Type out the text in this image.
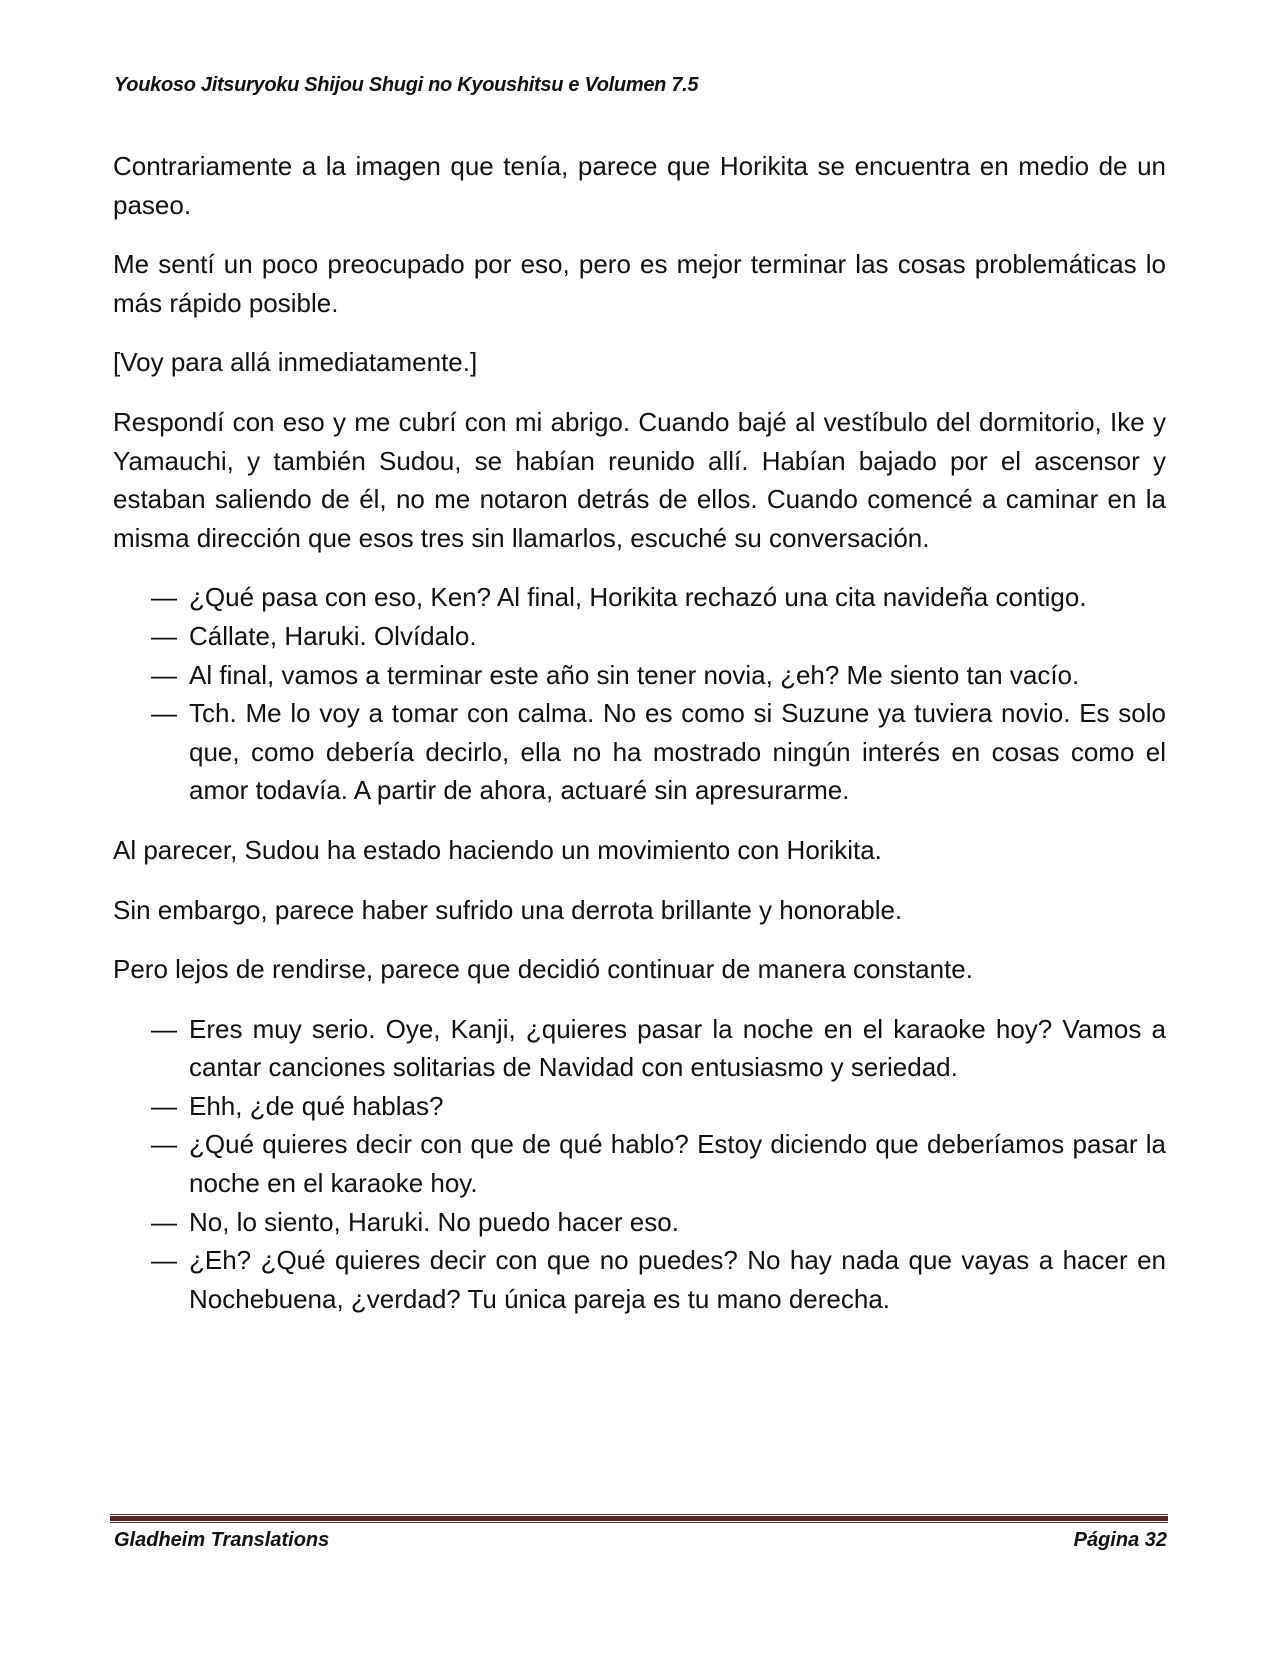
Youkoso Jitsuryoku Shijou Shugi no Kyoushitsu e Volumen 7.5

Contrariamente a la imagen que tenía, parece que Horikita se encuentra en medio de un paseo.

Me sentí un poco preocupado por eso, pero es mejor terminar las cosas problemáticas lo más rápido posible.

[Voy para allá inmediatamente.]

Respondí con eso y me cubrí con mi abrigo. Cuando bajé al vestíbulo del dormitorio, Ike y Yamauchi, y también Sudou, se habían reunido allí. Habían bajado por el ascensor y estaban saliendo de él, no me notaron detrás de ellos. Cuando comencé a caminar en la misma dirección que esos tres sin llamarlos, escuché su conversación.

— ¿Qué pasa con eso, Ken? Al final, Horikita rechazó una cita navideña contigo.
— Cállate, Haruki. Olvídalo.
— Al final, vamos a terminar este año sin tener novia, ¿eh? Me siento tan vacío.
— Tch. Me lo voy a tomar con calma. No es como si Suzune ya tuviera novio. Es solo que, como debería decirlo, ella no ha mostrado ningún interés en cosas como el amor todavía. A partir de ahora, actuaré sin apresurarme.

Al parecer, Sudou ha estado haciendo un movimiento con Horikita.

Sin embargo, parece haber sufrido una derrota brillante y honorable.

Pero lejos de rendirse, parece que decidió continuar de manera constante.

— Eres muy serio. Oye, Kanji, ¿quieres pasar la noche en el karaoke hoy? Vamos a cantar canciones solitarias de Navidad con entusiasmo y seriedad.
— Ehh, ¿de qué hablas?
— ¿Qué quieres decir con que de qué hablo? Estoy diciendo que deberíamos pasar la noche en el karaoke hoy.
— No, lo siento, Haruki. No puedo hacer eso.
— ¿Eh? ¿Qué quieres decir con que no puedes? No hay nada que vayas a hacer en Nochebuena, ¿verdad? Tu única pareja es tu mano derecha.
Gladheim Translations	Página 32
